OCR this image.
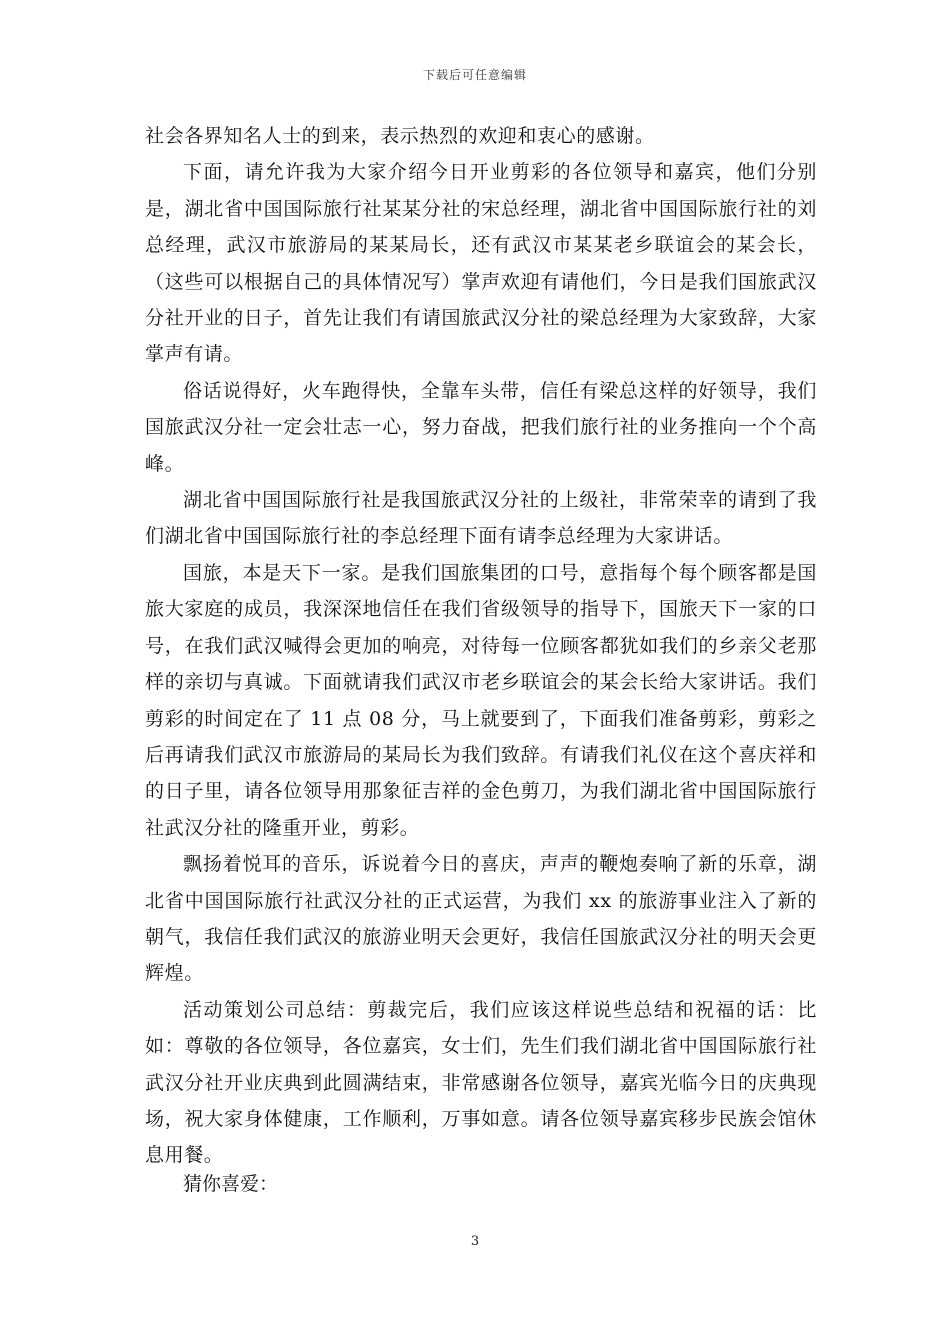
下载后可任意编辑

社会各界知名人士的到来，表示热烈的欢迎和衷心的感谢。

下面，请允许我为大家介绍今日开业剪彩的各位领导和嘉宾，他们分别是，湖北省中国国际旅行社某某分社的宋总经理，湖北省中国国际旅行社的刘总经理，武汉市旅游局的某某局长，还有武汉市某某老乡联谊会的某会长，（这些可以根据自己的具体情况写）掌声欢迎有请他们，今日是我们国旅武汉分社开业的日子，首先让我们有请国旅武汉分社的梁总经理为大家致辞，大家掌声有请。

俗话说得好，火车跑得快，全靠车头带，信任有梁总这样的好领导，我们国旅武汉分社一定会壮志一心，努力奋战，把我们旅行社的业务推向一个个高峰。

湖北省中国国际旅行社是我国旅武汉分社的上级社，非常荣幸的请到了我们湖北省中国国际旅行社的李总经理下面有请李总经理为大家讲话。

国旅，本是天下一家。是我们国旅集团的口号，意指每个每个顾客都是国旅大家庭的成员，我深深地信任在我们省级领导的指导下，国旅天下一家的口号，在我们武汉喊得会更加的响亮，对待每一位顾客都犹如我们的乡亲父老那样的亲切与真诚。下面就请我们武汉市老乡联谊会的某会长给大家讲话。我们剪彩的时间定在了 11 点 08 分，马上就要到了，下面我们准备剪彩，剪彩之后再请我们武汉市旅游局的某局长为我们致辞。有请我们礼仪在这个喜庆祥和的日子里，请各位领导用那象征吉祥的金色剪刀，为我们湖北省中国国际旅行社武汉分社的隆重开业，剪彩。

飘扬着悦耳的音乐，诉说着今日的喜庆，声声的鞭炮奏响了新的乐章，湖北省中国国际旅行社武汉分社的正式运营，为我们 xx 的旅游事业注入了新的朝气，我信任我们武汉的旅游业明天会更好，我信任国旅武汉分社的明天会更辉煌。

活动策划公司总结：剪裁完后，我们应该这样说些总结和祝福的话：比如：尊敬的各位领导，各位嘉宾，女士们，先生们我们湖北省中国国际旅行社武汉分社开业庆典到此圆满结束，非常感谢各位领导，嘉宾光临今日的庆典现场，祝大家身体健康，工作顺利，万事如意。请各位领导嘉宾移步民族会馆休息用餐。

猜你喜爱：
3
